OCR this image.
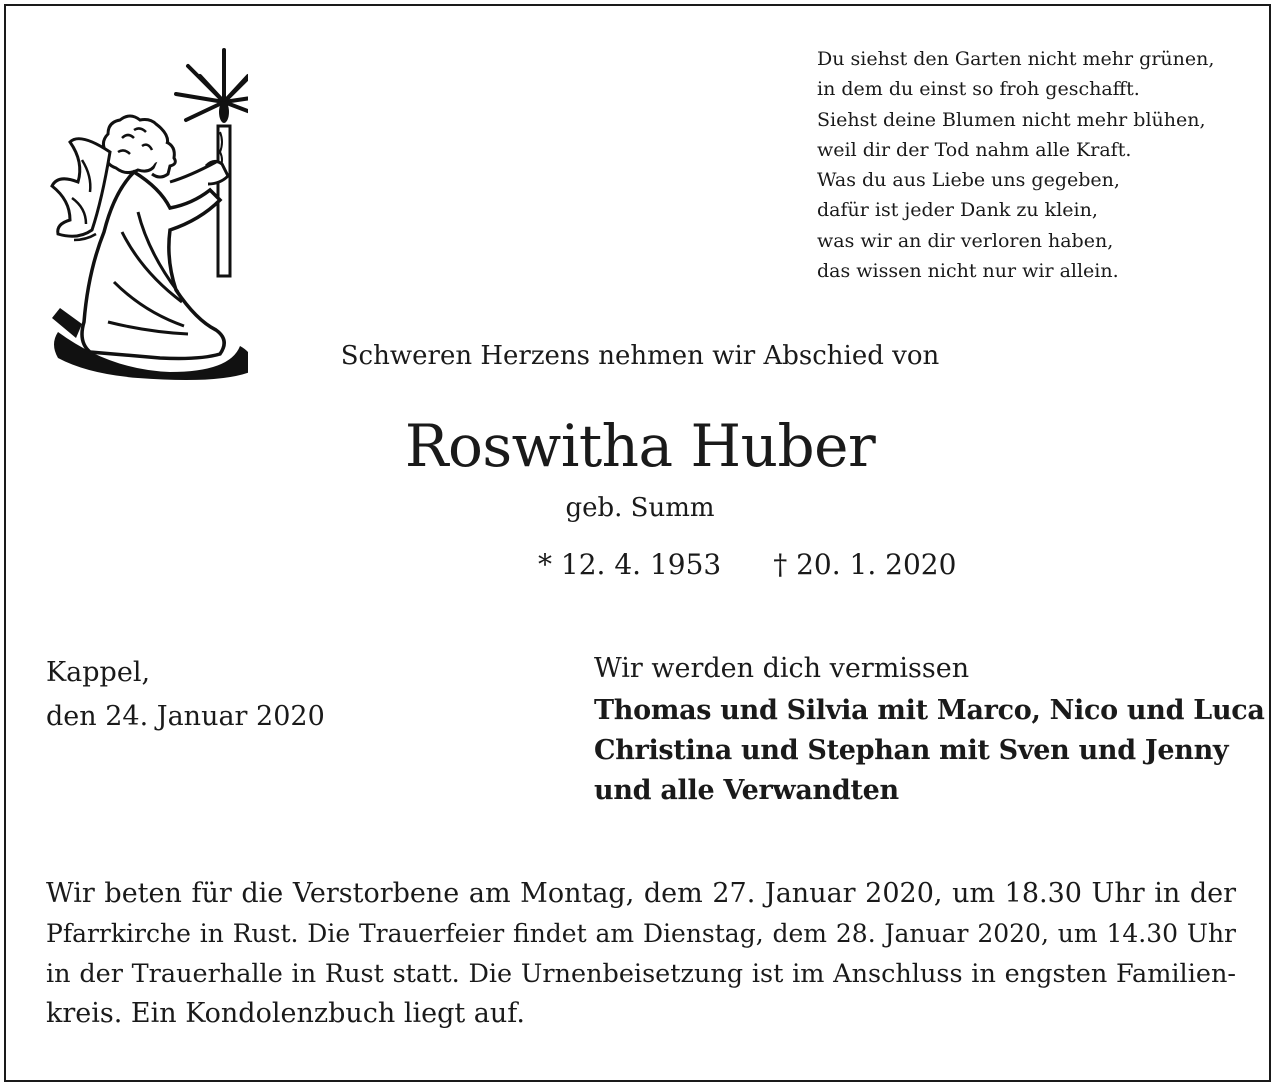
Du siehst den Garten nicht mehr grünen,
in dem du einst so froh geschafft.
Siehst deine Blumen nicht mehr blühen,
weil dir der Tod nahm alle Kraft.
Was du aus Liebe uns gegeben,
dafür ist jeder Dank zu klein,
was wir an dir verloren haben,
das wissen nicht nur wir allein.
Schweren Herzens nehmen wir Abschied von
Roswitha Huber
geb. Summ
* 12. 4. 1953 † 20. 1. 2020
Kappel,
den 24. Januar 2020
Wir werden dich vermissen
Thomas und Silvia mit Marco, Nico und Luca
Christina und Stephan mit Sven und Jenny
und alle Verwandten
Wir beten für die Verstorbene am Montag, dem 27. Januar 2020, um 18.30 Uhr in der
Pfarrkirche in Rust. Die Trauerfeier findet am Dienstag, dem 28. Januar 2020, um 14.30 Uhr
in der Trauerhalle in Rust statt. Die Urnenbeisetzung ist im Anschluss in engsten Familien-
kreis. Ein Kondolenzbuch liegt auf.
